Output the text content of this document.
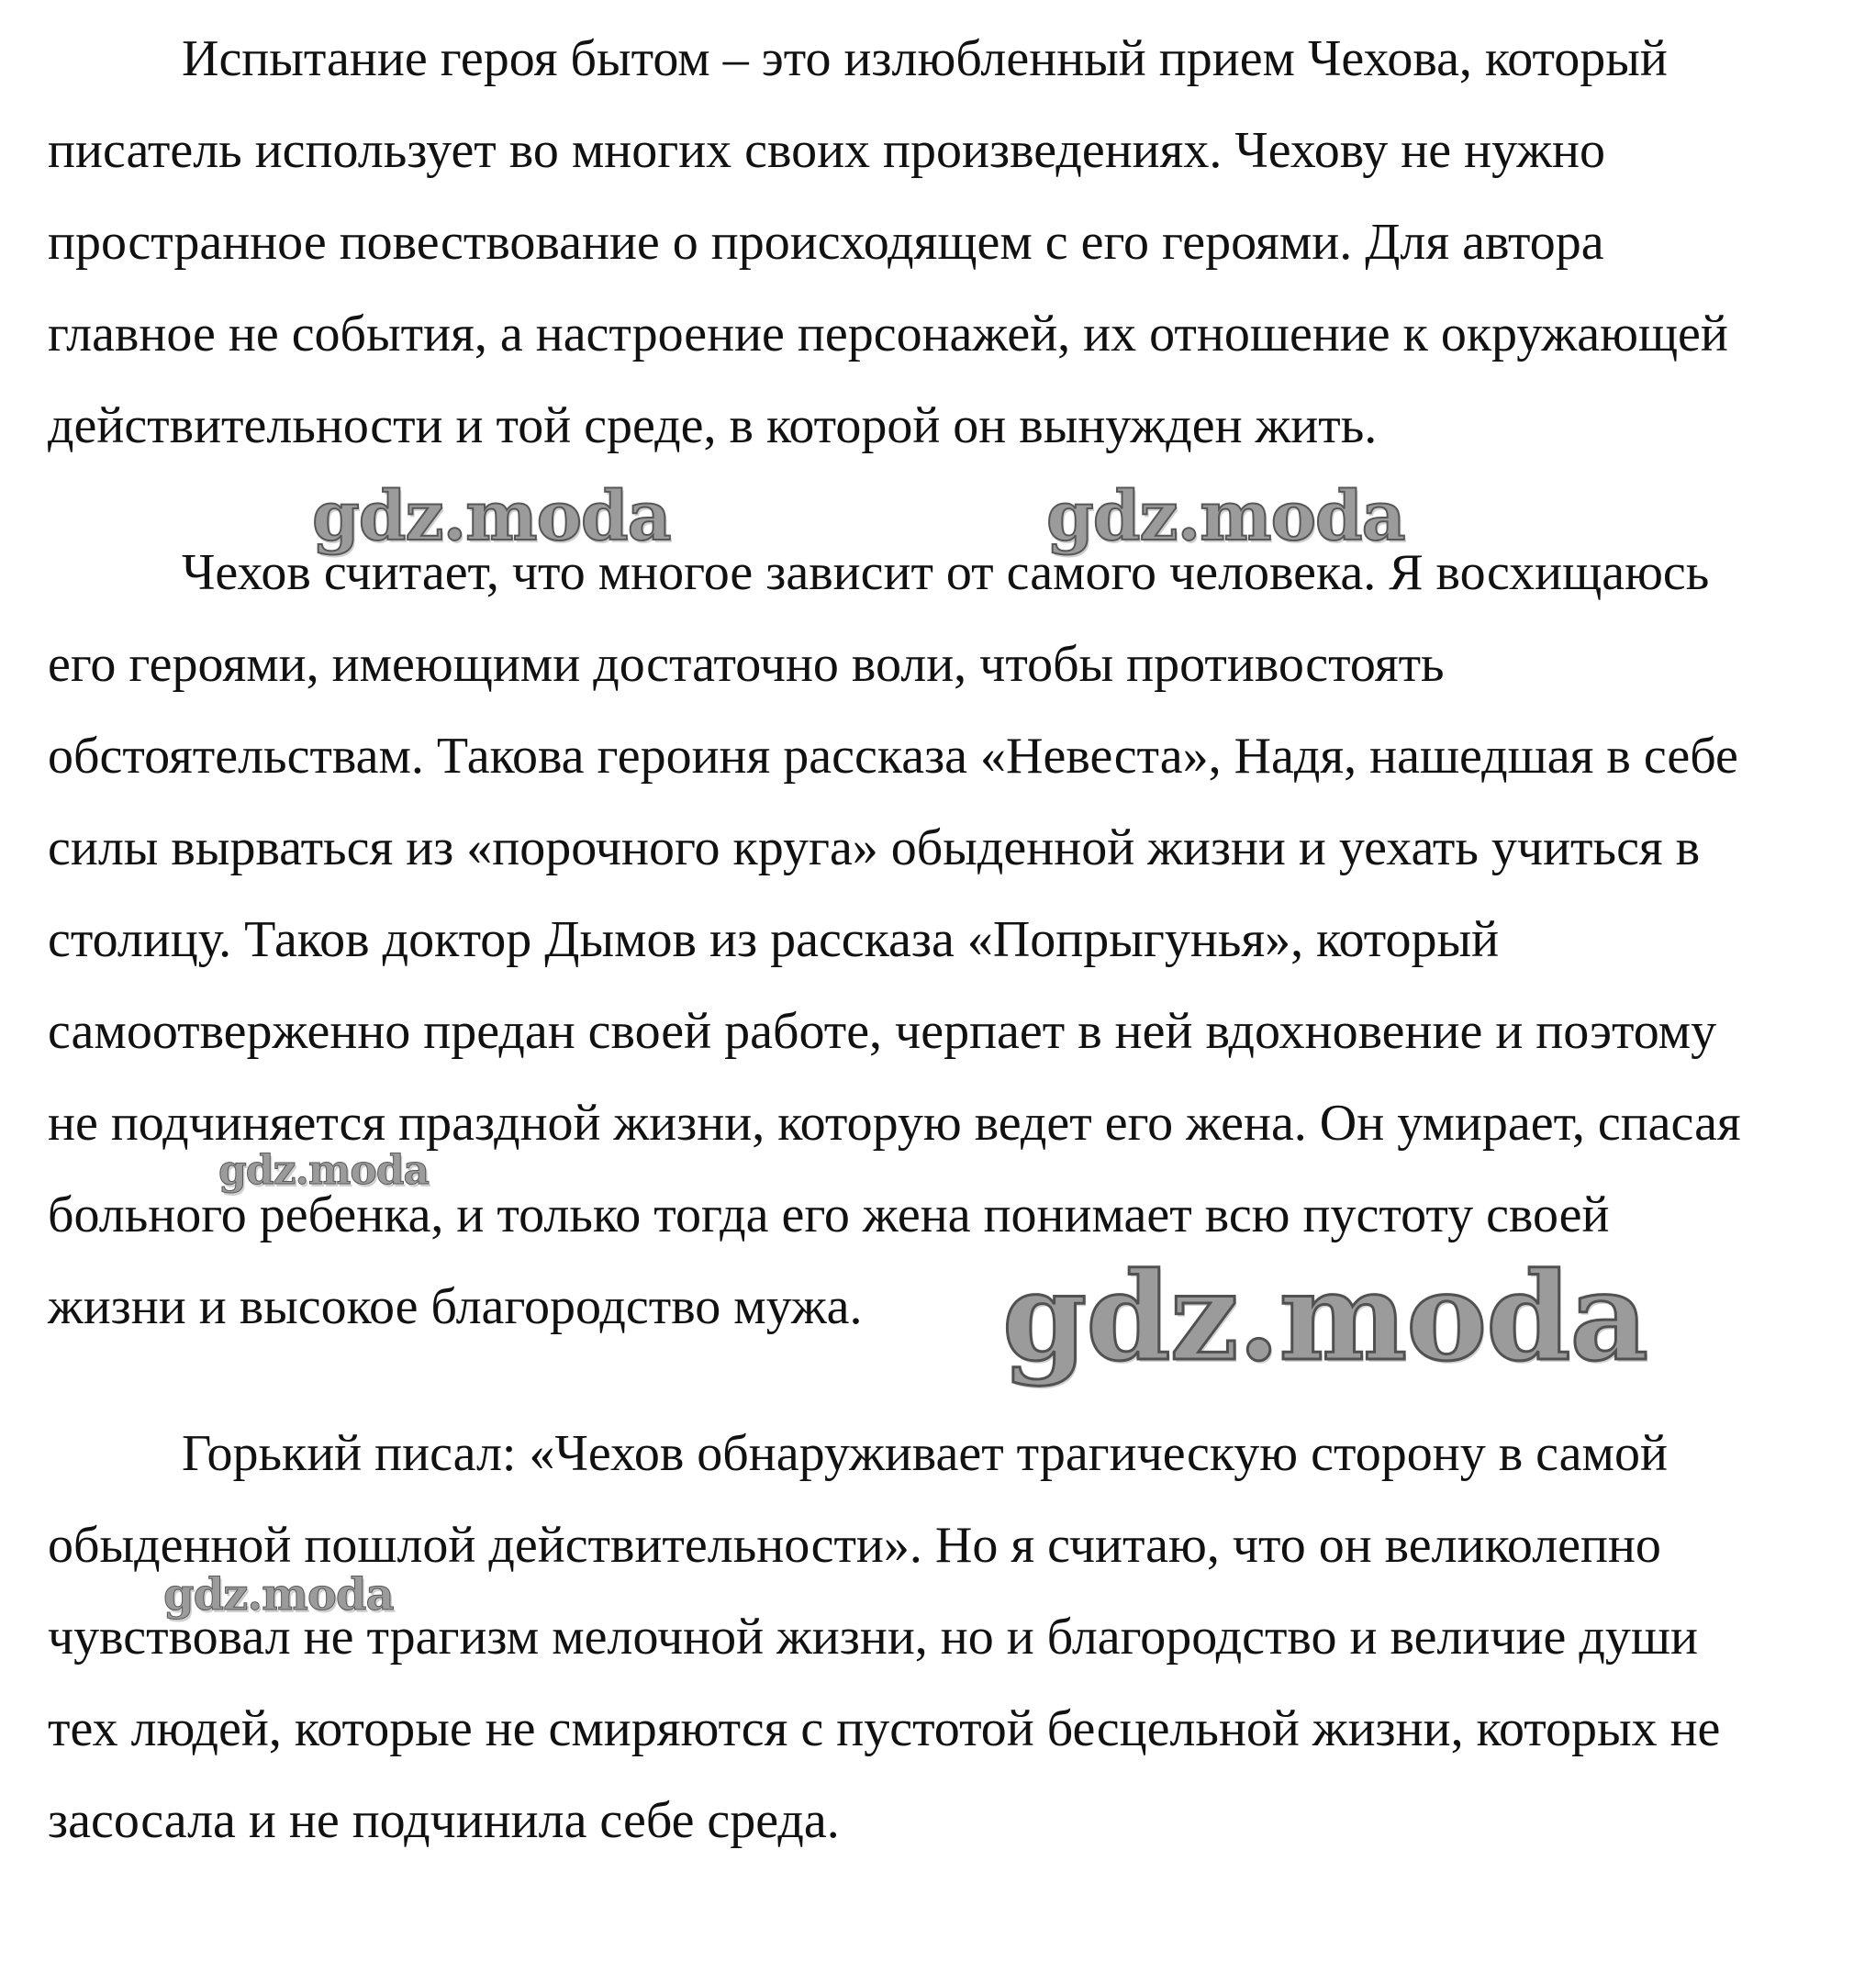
Испытание героя бытом – это излюбленный прием Чехова, который
писатель использует во многих своих произведениях. Чехову не нужно
пространное повествование о происходящем с его героями. Для автора
главное не события, а настроение персонажей, их отношение к окружающей
действительности и той среде, в которой он вынужден жить.
Чехов считает, что многое зависит от самого человека. Я восхищаюсь
его героями, имеющими достаточно воли, чтобы противостоять
обстоятельствам. Такова героиня рассказа «Невеста», Надя, нашедшая в себе
силы вырваться из «порочного круга» обыденной жизни и уехать учиться в
столицу. Таков доктор Дымов из рассказа «Попрыгунья», который
самоотверженно предан своей работе, черпает в ней вдохновение и поэтому
не подчиняется праздной жизни, которую ведет его жена. Он умирает, спасая
больного ребенка, и только тогда его жена понимает всю пустоту своей
жизни и высокое благородство мужа.
Горький писал: «Чехов обнаруживает трагическую сторону в самой
обыденной пошлой действительности». Но я считаю, что он великолепно
чувствовал не трагизм мелочной жизни, но и благородство и величие души
тех людей, которые не смиряются с пустотой бесцельной жизни, которых не
засосала и не подчинила себе среда.
gdz.moda	gdz.moda
gdz.moda
gdz.moda
gdz.moda
